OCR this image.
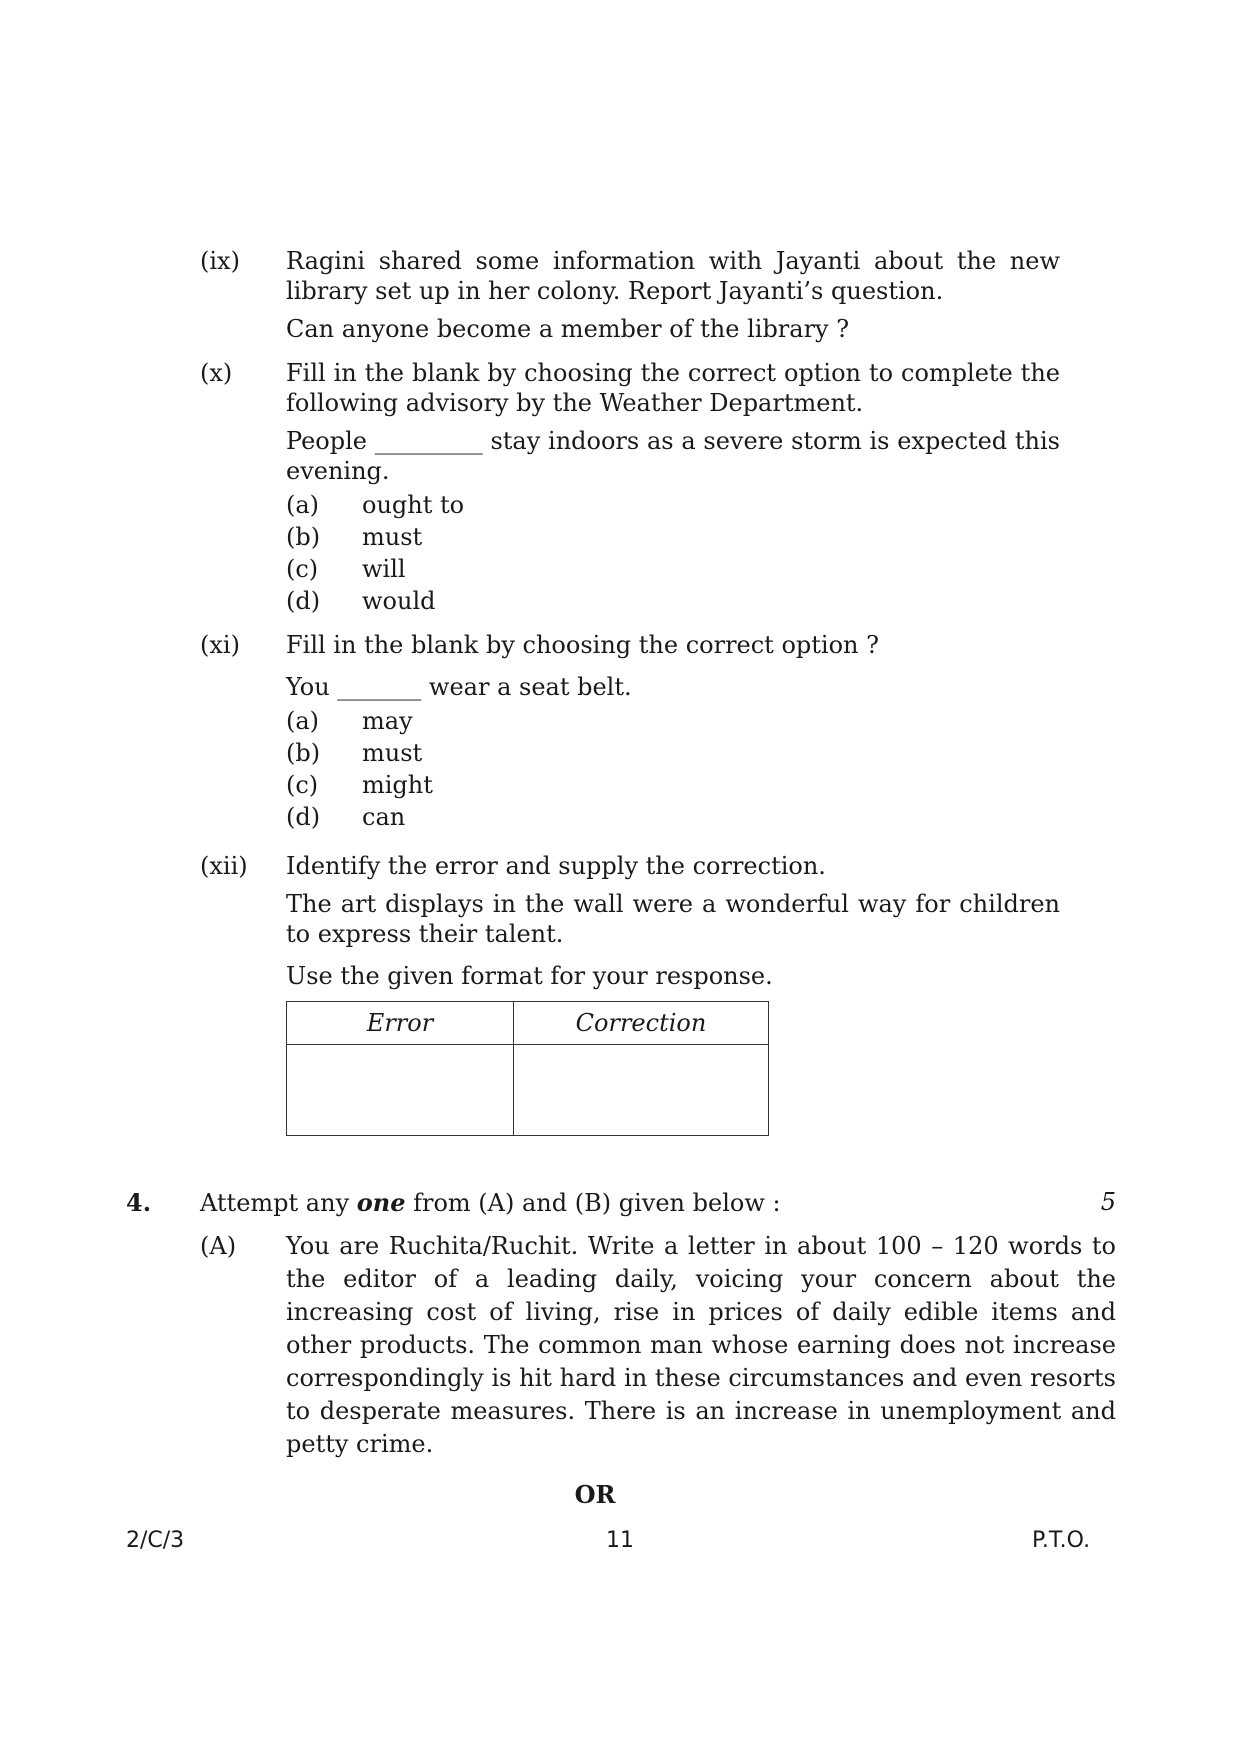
(ix) Ragini shared some information with Jayanti about the new library set up in her colony. Report Jayanti’s question.

Can anyone become a member of the library ?

(x) Fill in the blank by choosing the correct option to complete the following advisory by the Weather Department.

People _________ stay indoors as a severe storm is expected this evening.

(a) ought to
(b) must
(c) will
(d) would
(xi) Fill in the blank by choosing the correct option ?

You _______ wear a seat belt.

(a) may
(b) must
(c) might
(d) can
(xii) Identify the error and supply the correction.

The art displays in the wall were a wonderful way for children to express their talent.

Use the given format for your response.

Error	Correction

4. Attempt any one from (A) and (B) given below :	5
(A) You are Ruchita/Ruchit. Write a letter in about 100 – 120 words to the editor of a leading daily, voicing your concern about the increasing cost of living, rise in prices of daily edible items and other products. The common man whose earning does not increase correspondingly is hit hard in these circumstances and even resorts to desperate measures. There is an increase in unemployment and petty crime.

OR
2/C/3	11	P.T.O.
